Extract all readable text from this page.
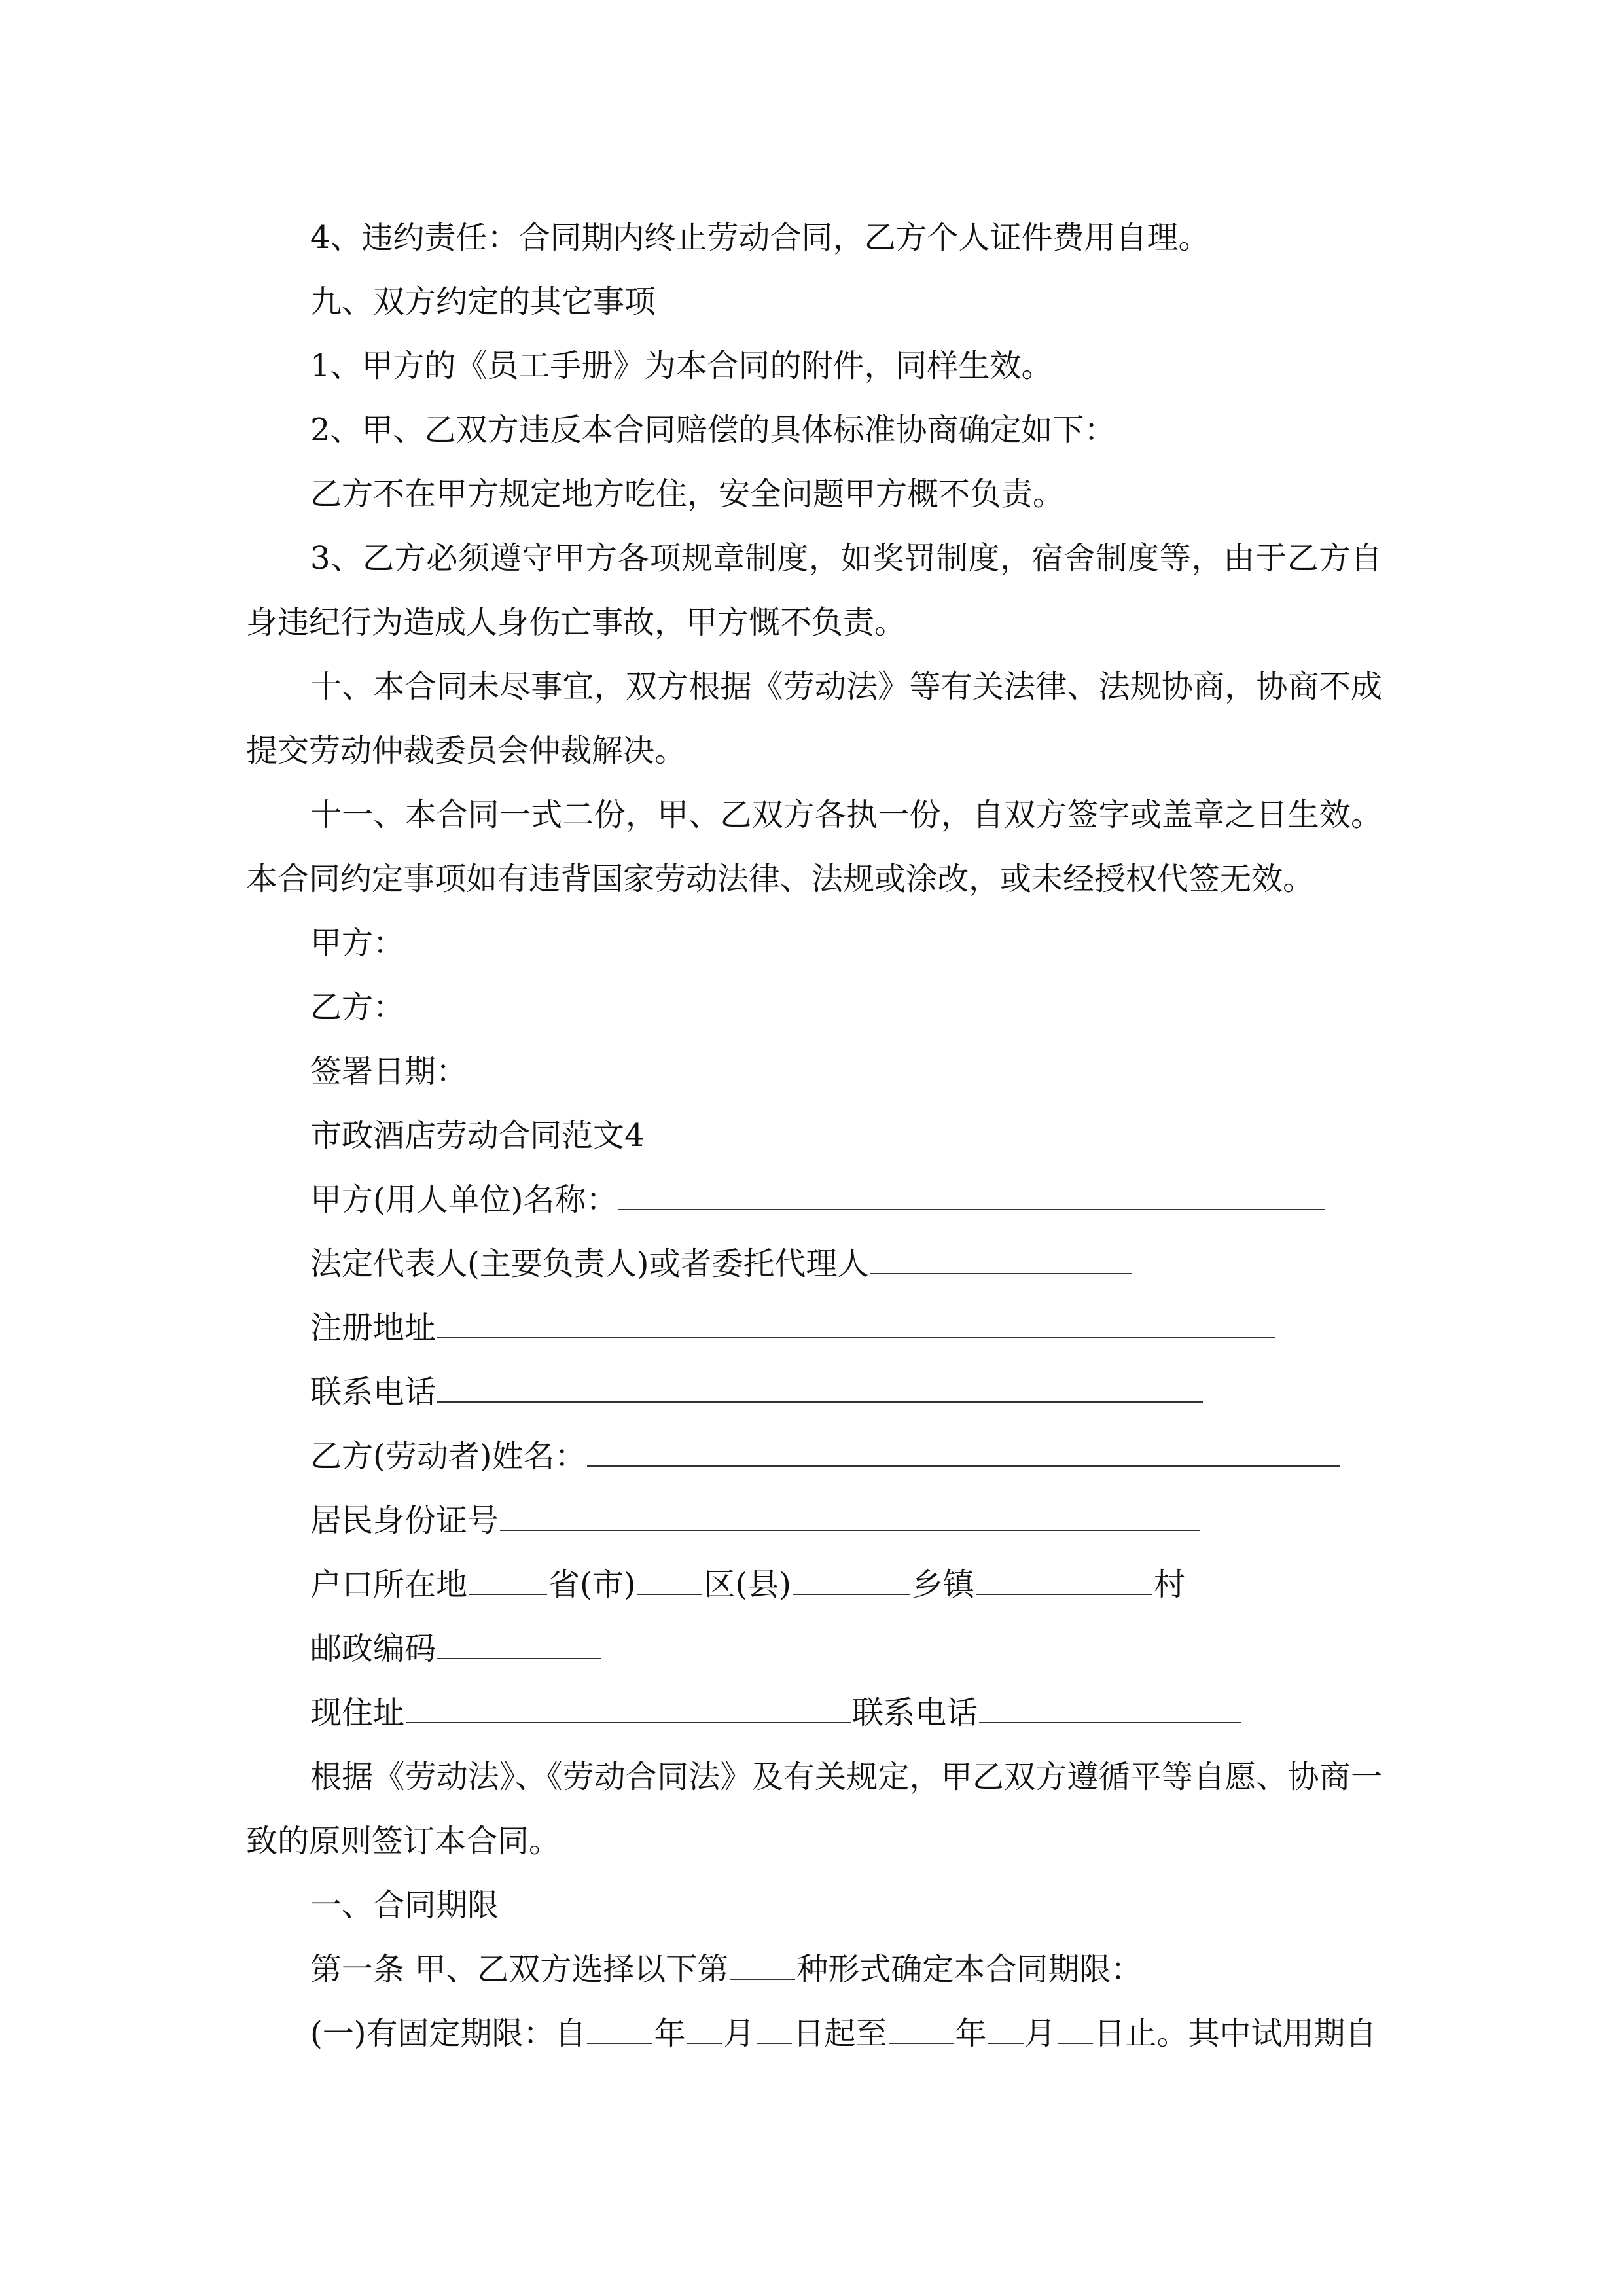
4、违约责任：合同期内终止劳动合同，乙方个人证件费用自理。

九、双方约定的其它事项

1、甲方的《员工手册》为本合同的附件，同样生效。

2、甲、乙双方违反本合同赔偿的具体标准协商确定如下：

乙方不在甲方规定地方吃住，安全问题甲方概不负责。

3、乙方必须遵守甲方各项规章制度，如奖罚制度，宿舍制度等，由于乙方自身违纪行为造成人身伤亡事故，甲方慨不负责。

十、本合同未尽事宜，双方根据《劳动法》等有关法律、法规协商，协商不成提交劳动仲裁委员会仲裁解决。

十一、本合同一式二份，甲、乙双方各执一份，自双方签字或盖章之日生效。本合同约定事项如有违背国家劳动法律、法规或涂改，或未经授权代签无效。

甲方：

乙方：

签署日期：

市政酒店劳动合同范文4

甲方(用人单位)名称：

法定代表人(主要负责人)或者委托代理人

注册地址

联系电话

乙方(劳动者)姓名：

居民身份证号

户口所在地	省(市) 区(县)	乡镇	村

邮政编码

现住址	联系电话

根据《劳动法》、《劳动合同法》及有关规定，甲乙双方遵循平等自愿、协商一致的原则签订本合同。

一、合同期限

第一条 甲、乙双方选择以下第 种形式确定本合同期限：

(一)有固定期限：自 年 月 日起至 年 月 日止。其中试用期自
